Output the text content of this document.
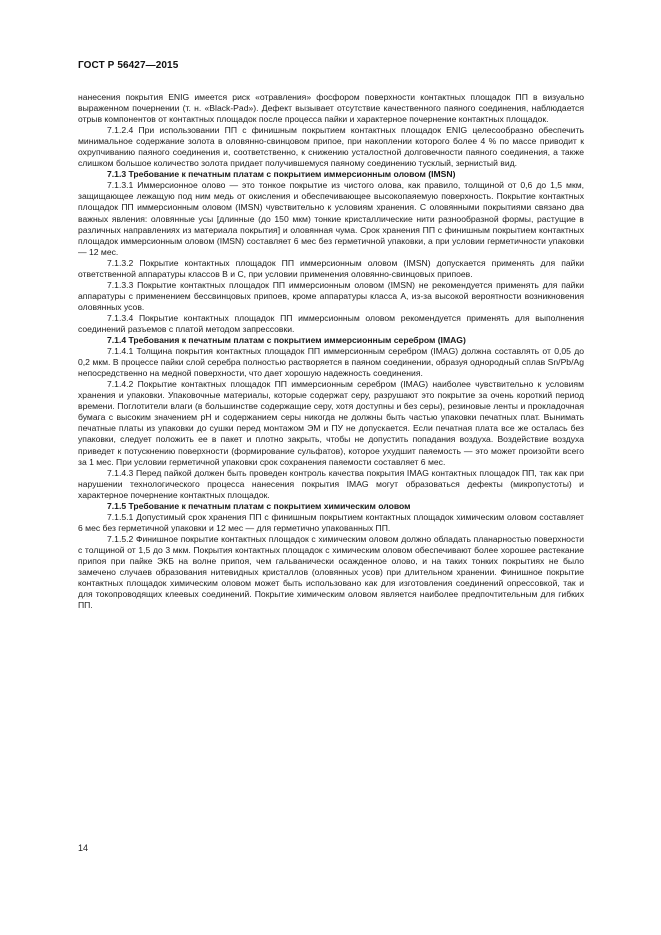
ГОСТ Р 56427—2015

нанесения покрытия ENIG имеется риск «отравления» фосфором поверхности контактных площадок ПП в визуально выраженном почернении (т. н. «Black-Pad»). Дефект вызывает отсутствие качественного паяного соединения, наблюдается отрыв компонентов от контактных площадок после процесса пайки и характерное почернение контактных площадок.

7.1.2.4 При использовании ПП с финишным покрытием контактных площадок ENIG целесообразно обеспечить минимальное содержание золота в оловянно-свинцовом припое, при накоплении которого более 4 % по массе приводит к охрупчиванию паяного соединения и, соответственно, к снижению усталостной долговечности паяного соединения, а также слишком большое количество золота придает получившемуся паяному соединению тусклый, зернистый вид.

7.1.3 Требование к печатным платам с покрытием иммерсионным оловом (IMSN)

7.1.3.1 Иммерсионное олово — это тонкое покрытие из чистого олова, как правило, толщиной от 0,6 до 1,5 мкм, защищающее лежащую под ним медь от окисления и обеспечивающее высокопаяемую поверхность. Покрытие контактных площадок ПП иммерсионным оловом (IMSN) чувствительно к условиям хранения. С оловянными покрытиями связано два важных явления: оловянные усы [длинные (до 150 мкм) тонкие кристаллические нити разнообразной формы, растущие в различных направлениях из материала покрытия] и оловянная чума. Срок хранения ПП с финишным покрытием контактных площадок иммерсионным оловом (IMSN) составляет 6 мес без герметичной упаковки, а при условии герметичности упаковки — 12 мес.

7.1.3.2 Покрытие контактных площадок ПП иммерсионным оловом (IMSN) допускается применять для пайки ответственной аппаратуры классов В и С, при условии применения оловянно-свинцовых припоев.

7.1.3.3 Покрытие контактных площадок ПП иммерсионным оловом (IMSN) не рекомендуется применять для пайки аппаратуры с применением бессвинцовых припоев, кроме аппаратуры класса А, из-за высокой вероятности возникновения оловянных усов.

7.1.3.4 Покрытие контактных площадок ПП иммерсионным оловом рекомендуется применять для выполнения соединений разъемов с платой методом запрессовки.

7.1.4 Требования к печатным платам с покрытием иммерсионным серебром (IMAG)

7.1.4.1 Толщина покрытия контактных площадок ПП иммерсионным серебром (IMAG) должна составлять от 0,05 до 0,2 мкм. В процессе пайки слой серебра полностью растворяется в паяном соединении, образуя однородный сплав Sn/Pb/Ag непосредственно на медной поверхности, что дает хорошую надежность соединения.

7.1.4.2 Покрытие контактных площадок ПП иммерсионным серебром (IMAG) наиболее чувствительно к условиям хранения и упаковки. Упаковочные материалы, которые содержат серу, разрушают это покрытие за очень короткий период времени. Поглотители влаги (в большинстве содержащие серу, хотя доступны и без серы), резиновые ленты и прокладочная бумага с высоким значением pH и содержанием серы никогда не должны быть частью упаковки печатных плат. Вынимать печатные платы из упаковки до сушки перед монтажом ЭМ и ПУ не допускается. Если печатная плата все же осталась без упаковки, следует положить ее в пакет и плотно закрыть, чтобы не допустить попадания воздуха. Воздействие воздуха приведет к потускнению поверхности (формирование сульфатов), которое ухудшит паяемость — это может произойти всего за 1 мес. При условии герметичной упаковки срок сохранения паяемости составляет 6 мес.

7.1.4.3 Перед пайкой должен быть проведен контроль качества покрытия IMAG контактных площадок ПП, так как при нарушении технологического процесса нанесения покрытия IMAG могут образоваться дефекты (микропустоты) и характерное почернение контактных площадок.

7.1.5 Требование к печатным платам с покрытием химическим оловом

7.1.5.1 Допустимый срок хранения ПП с финишным покрытием контактных площадок химическим оловом составляет 6 мес без герметичной упаковки и 12 мес — для герметично упакованных ПП.

7.1.5.2 Финишное покрытие контактных площадок с химическим оловом должно обладать планарностью поверхности с толщиной от 1,5 до 3 мкм. Покрытия контактных площадок с химическим оловом обеспечивают более хорошее растекание припоя при пайке ЭКБ на волне припоя, чем гальванически осажденное олово, и на таких тонких покрытиях не было замечено случаев образования нитевидных кристаллов (оловянных усов) при длительном хранении. Финишное покрытие контактных площадок химическим оловом может быть использовано как для изготовления соединений опрессовкой, так и для токопроводящих клеевых соединений. Покрытие химическим оловом является наиболее предпочтительным для гибких ПП.

14
